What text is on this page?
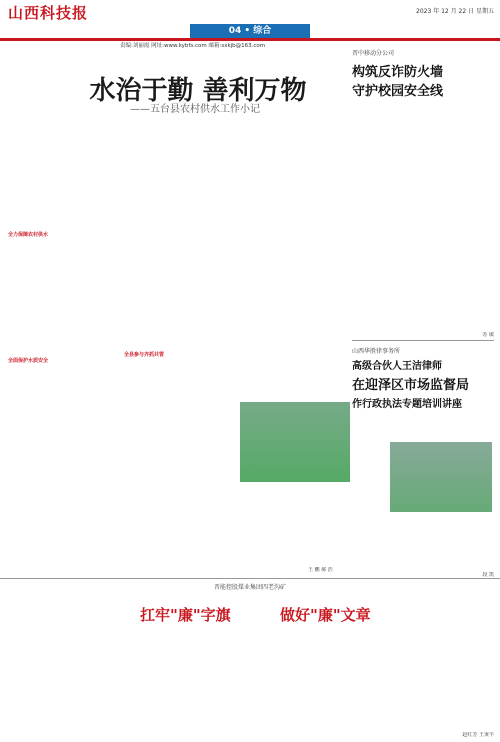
山西科技报	2023 年 12 月 22 日 星期五
04 • 综合
责编:刘丽霞 网址:www.kybfs.com 邮箱:sxkjb@163.com
水治于勤 善利万物
——五台县农村供水工作小记
全力保障农村供水
全面保护水质安全
全县参与齐抓共管
王 鹏 郝 浩
晋中移动分公司
构筑反诈防火墙
守护校园安全线
苏 敏
山西华胜律事务所
高级合伙人王洁律师
在迎泽区市场监督局
作行政执法专题培训讲座
段 凯
晋能控股煤业集团四老沟矿
扛牢"廉"字旗	做好"廉"文章
赵红芳 王秉羊
